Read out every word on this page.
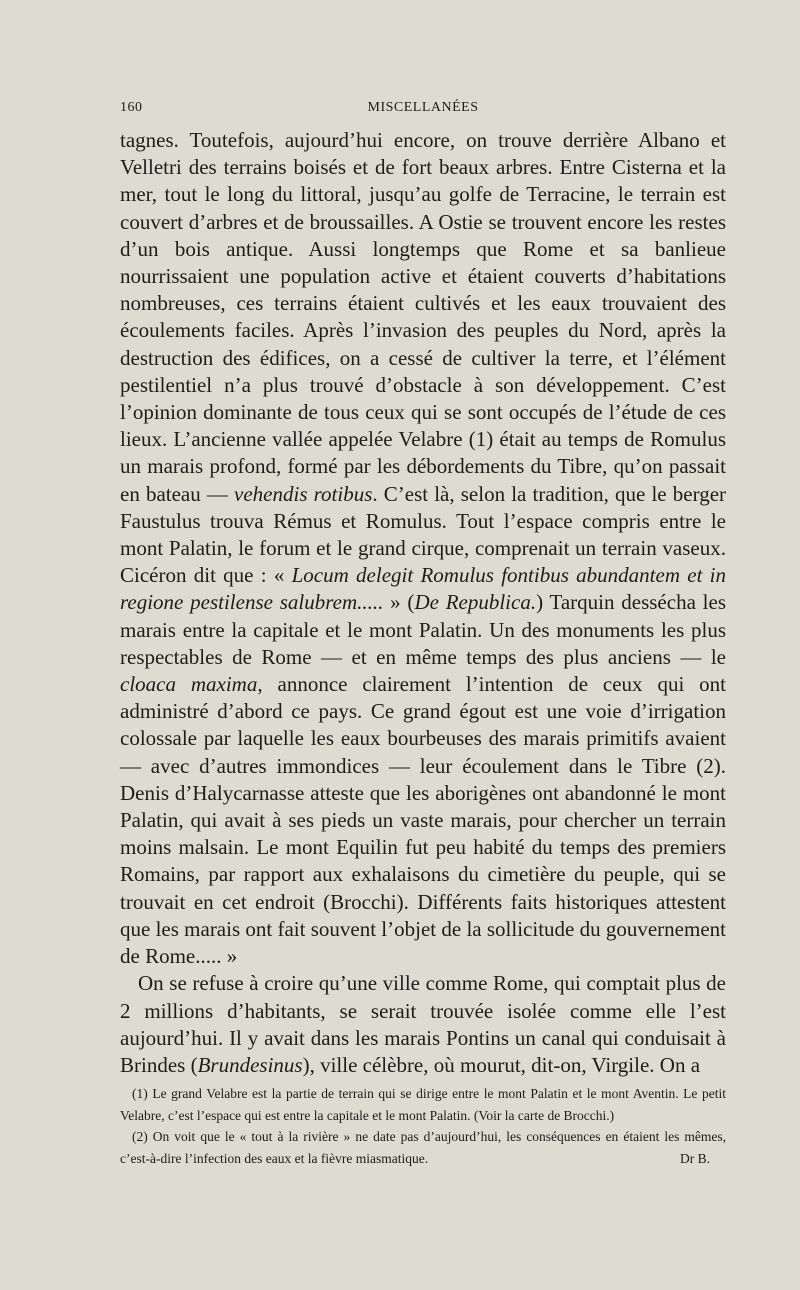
160	MISCELLANÉES

tagnes. Toutefois, aujourd’hui encore, on trouve derrière Albano et Velletri des terrains boisés et de fort beaux arbres. Entre Cisterna et la mer, tout le long du littoral, jusqu’au golfe de Terracine, le terrain est couvert d’arbres et de broussailles. A Ostie se trouvent encore les restes d’un bois antique. Aussi longtemps que Rome et sa banlieue nourrissaient une population active et étaient couverts d’habitations nombreuses, ces terrains étaient cultivés et les eaux trouvaient des écoulements faciles. Après l’invasion des peuples du Nord, après la destruction des édifices, on a cessé de cultiver la terre, et l’élément pestilentiel n’a plus trouvé d’obstacle à son développement. C’est l’opinion dominante de tous ceux qui se sont occupés de l’étude de ces lieux. L’ancienne vallée appelée Velabre (1) était au temps de Romulus un marais profond, formé par les débordements du Tibre, qu’on passait en bateau — vehendis rotibus. C’est là, selon la tradition, que le berger Faustulus trouva Rémus et Romulus. Tout l’espace compris entre le mont Palatin, le forum et le grand cirque, comprenait un terrain vaseux. Cicéron dit que : « Locum delegit Romulus fontibus abundantem et in regione pestilense salubrem..... » (De Republica.) Tarquin dessécha les marais entre la capitale et le mont Palatin. Un des monuments les plus respectables de Rome — et en même temps des plus anciens — le cloaca maxima, annonce clairement l’intention de ceux qui ont administré d’abord ce pays. Ce grand égout est une voie d’irrigation colossale par laquelle les eaux bourbeuses des marais primitifs avaient — avec d’autres immondices — leur écoulement dans le Tibre (2). Denis d’Halycarnasse atteste que les aborigènes ont abandonné le mont Palatin, qui avait à ses pieds un vaste marais, pour chercher un terrain moins malsain. Le mont Equilin fut peu habité du temps des premiers Romains, par rapport aux exhalaisons du cimetière du peuple, qui se trouvait en cet endroit (Brocchi). Différents faits historiques attestent que les marais ont fait souvent l’objet de la sollicitude du gouvernement de Rome..... »

On se refuse à croire qu’une ville comme Rome, qui comptait plus de 2 millions d’habitants, se serait trouvée isolée comme elle l’est aujourd’hui. Il y avait dans les marais Pontins un canal qui conduisait à Brindes (Brundesinus), ville célèbre, où mourut, dit-on, Virgile. On a

(1) Le grand Velabre est la partie de terrain qui se dirige entre le mont Palatin et le mont Aventin. Le petit Velabre, c’est l’espace qui est entre la capitale et le mont Palatin. (Voir la carte de Brocchi.)

(2) On voit que le « tout à la rivière » ne date pas d’aujourd’hui, les conséquences en étaient les mêmes, c’est-à-dire l’infection des eaux et la fièvre miasmatique.	Dr B.
